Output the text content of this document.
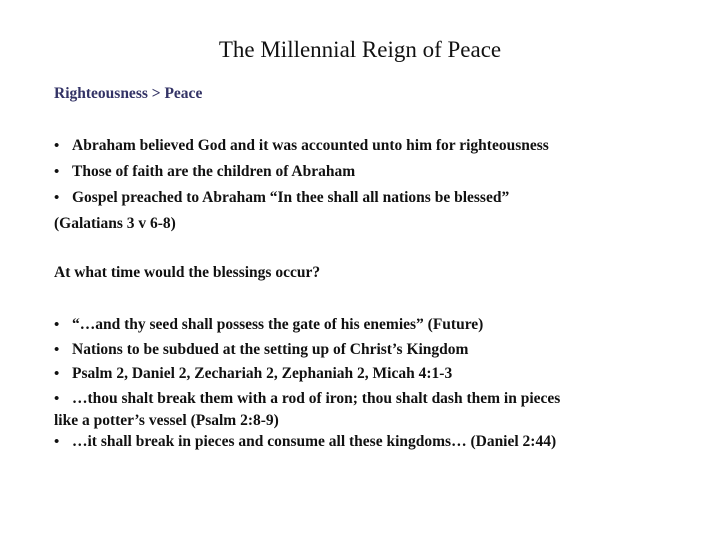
The Millennial Reign of Peace

Righteousness > Peace

• Abraham believed God and it was accounted unto him for righteousness
• Those of faith are the children of Abraham
• Gospel preached to Abraham “In thee shall all nations be blessed”
(Galatians 3 v 6-8)

At what time would the blessings occur?

• “…and thy seed shall possess the gate of his enemies” (Future)
• Nations to be subdued at the setting up of Christ’s Kingdom
• Psalm 2, Daniel 2, Zechariah 2, Zephaniah 2, Micah 4:1-3
• …thou shalt break them with a rod of iron; thou shalt dash them in pieces
like a potter’s vessel (Psalm 2:8-9)
• …it shall break in pieces and consume all these kingdoms… (Daniel 2:44)
